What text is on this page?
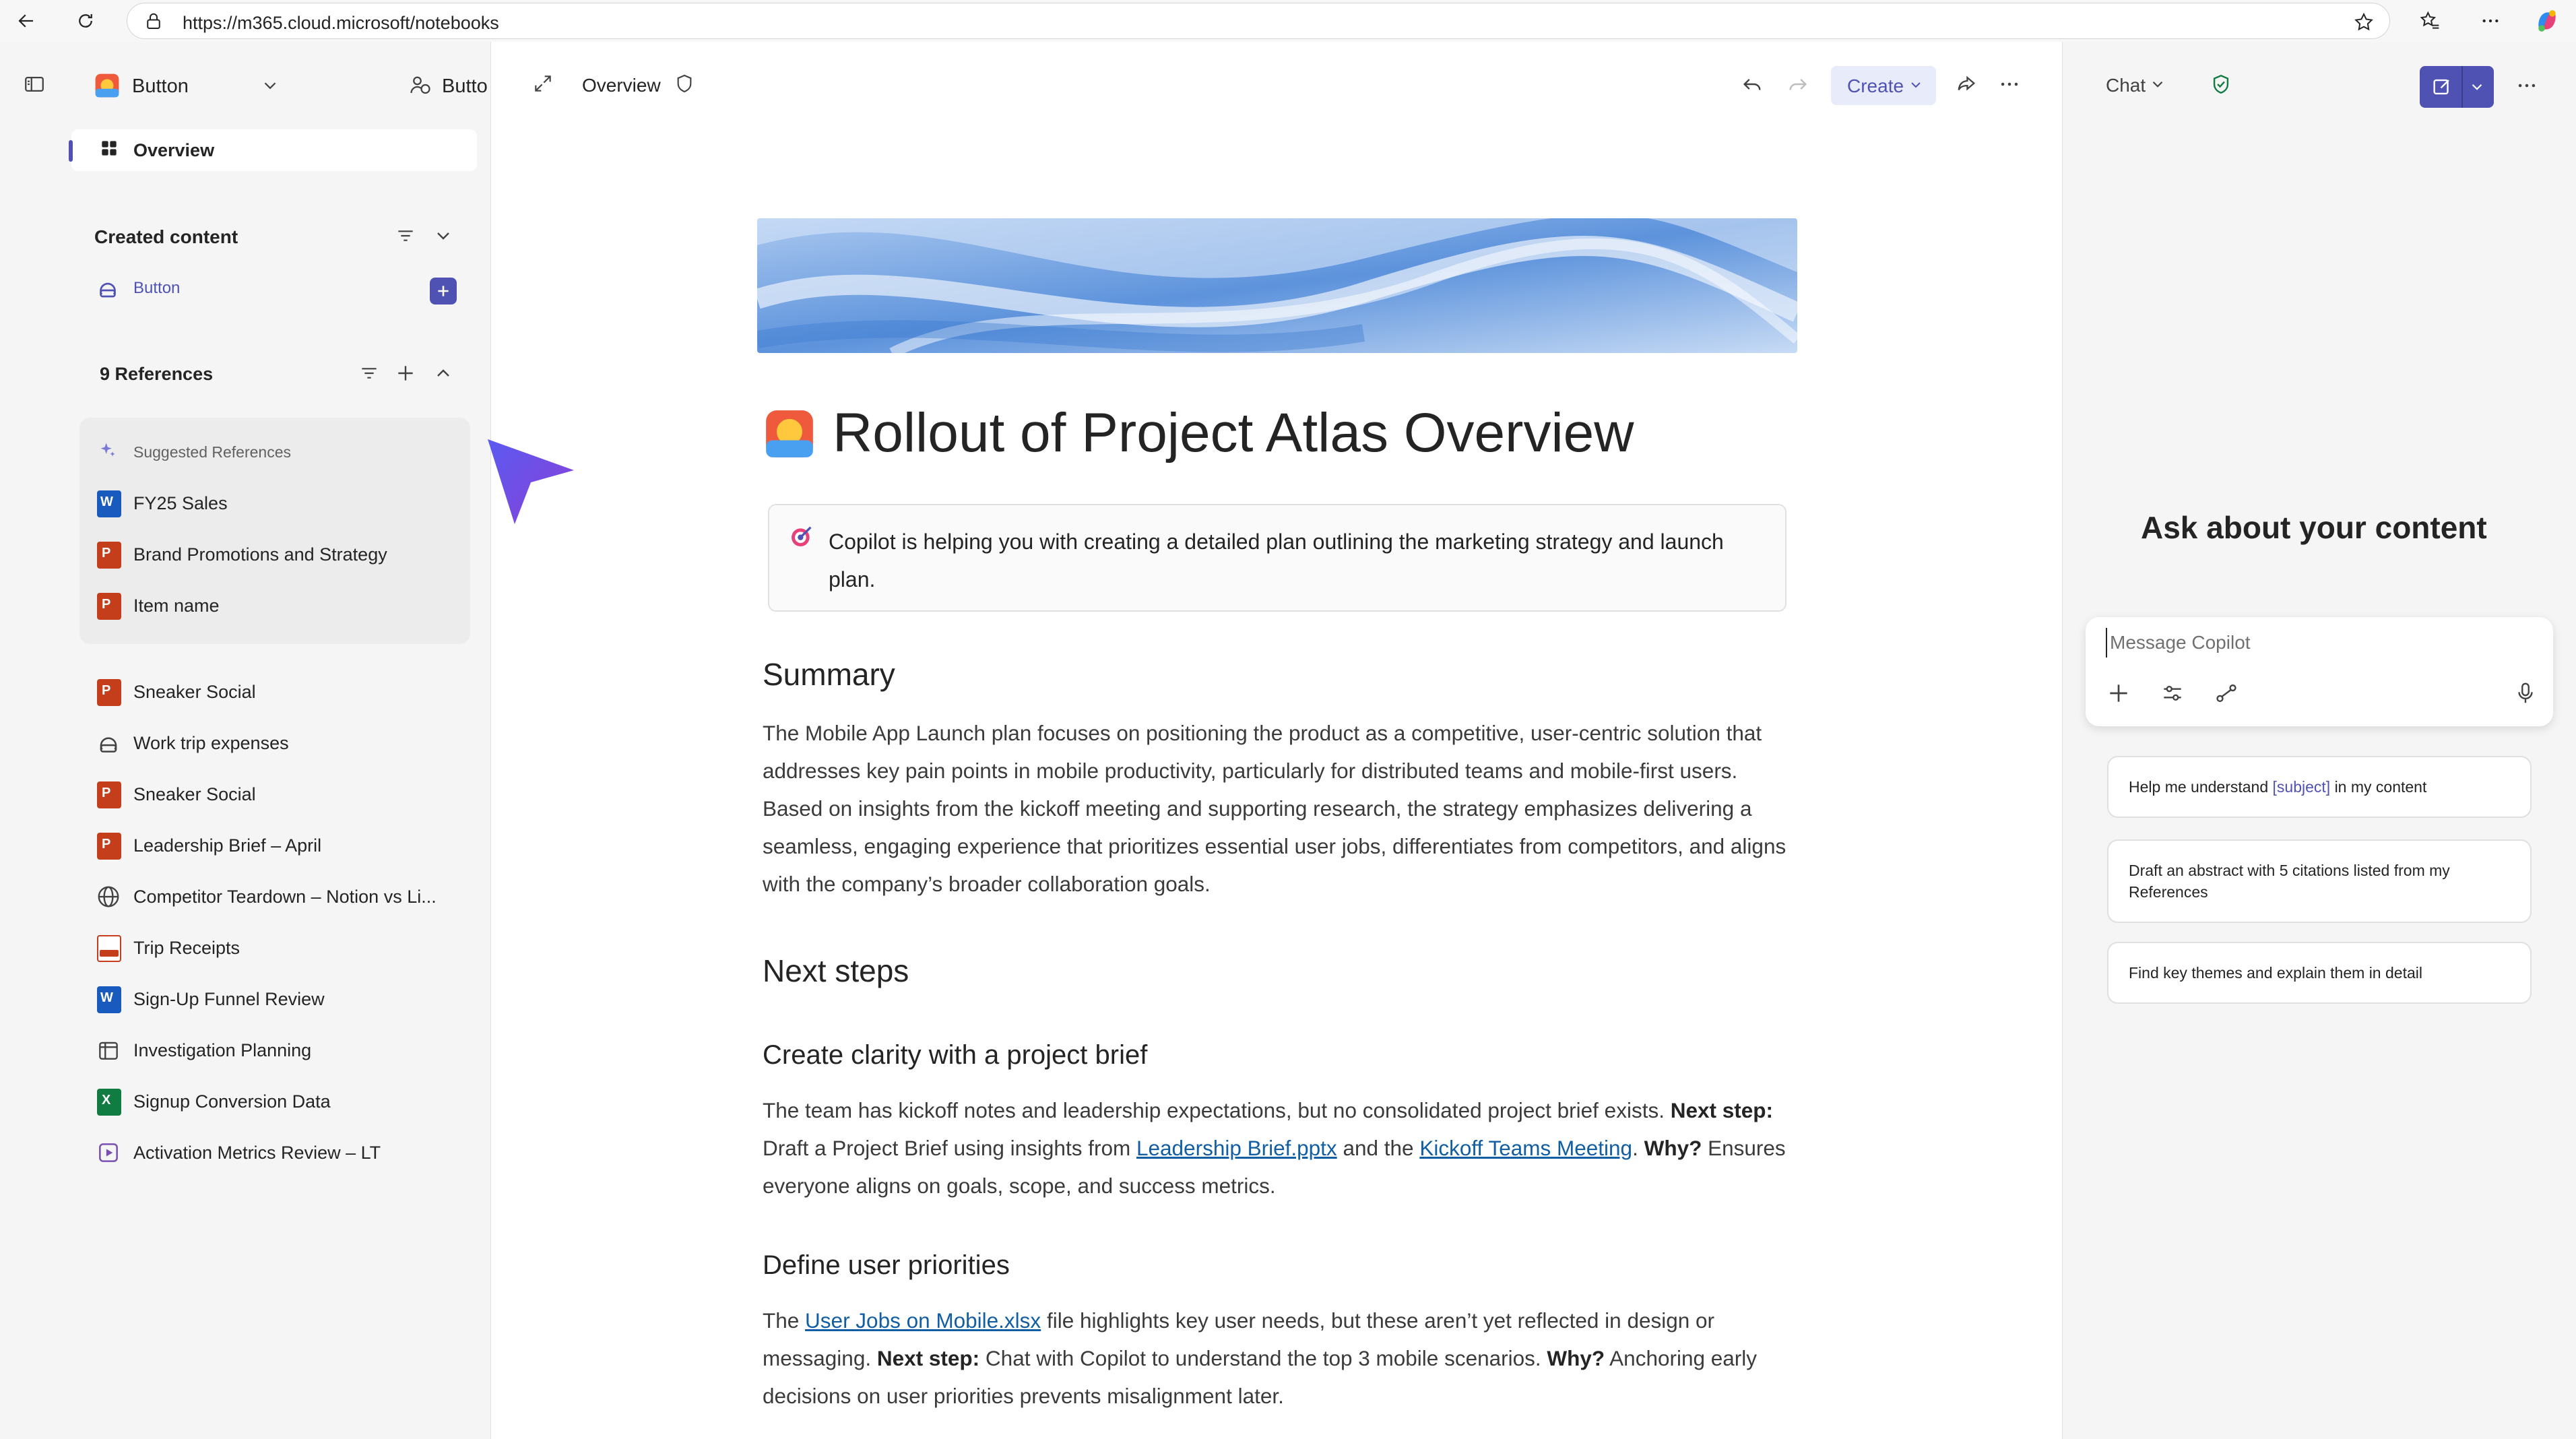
https://m365.cloud.microsoft/notebooks
Button	Butto
Overview
Created content
Button
9 References
Suggested References
W FY25 Sales
P Brand Promotions and Strategy
P Item name
P Sneaker Social
Work trip expenses
P Sneaker Social
P Leadership Brief – April
Competitor Teardown – Notion vs Li...
Trip Receipts
W Sign-Up Funnel Review
Investigation Planning
X Signup Conversion Data
Activation Metrics Review – LT
Overview	Create
Rollout of Project Atlas Overview
Copilot is helping you with creating a detailed plan outlining the marketing strategy and launch plan.
Summary

The Mobile App Launch plan focuses on positioning the product as a competitive, user-centric solution that addresses key pain points in mobile productivity, particularly for distributed teams and mobile-first users. Based on insights from the kickoff meeting and supporting research, the strategy emphasizes delivering a seamless, engaging experience that prioritizes essential user jobs, differentiates from competitors, and aligns with the company’s broader collaboration goals.

Next steps
Create clarity with a project brief

The team has kickoff notes and leadership expectations, but no consolidated project brief exists. Next step: Draft a Project Brief using insights from Leadership Brief.pptx and the Kickoff Teams Meeting. Why? Ensures everyone aligns on goals, scope, and success metrics.

Define user priorities

The User Jobs on Mobile.xlsx file highlights key user needs, but these aren’t yet reflected in design or messaging. Next step: Chat with Copilot to understand the top 3 mobile scenarios. Why? Anchoring early decisions on user priorities prevents misalignment later.

Chat
Ask about your content
Message Copilot
Help me understand [subject] in my content
Draft an abstract with 5 citations listed from my References
Find key themes and explain them in detail
